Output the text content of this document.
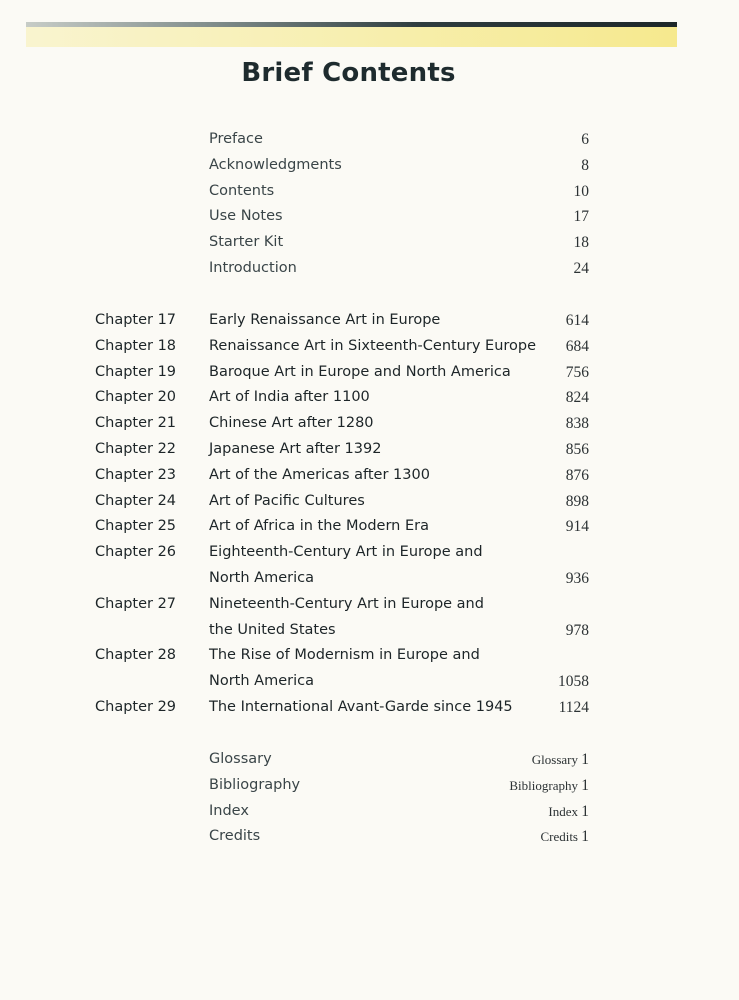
Brief Contents
Preface	6
Acknowledgments	8
Contents	10
Use Notes	17
Starter Kit	18
Introduction	24
Chapter 17 Early Renaissance Art in Europe	614
Chapter 18 Renaissance Art in Sixteenth-Century Europe 684
Chapter 19 Baroque Art in Europe and North America	756
Chapter 20 Art of India after 1100	824
Chapter 21 Chinese Art after 1280	838
Chapter 22 Japanese Art after 1392	856
Chapter 23 Art of the Americas after 1300	876
Chapter 24 Art of Pacific Cultures	898
Chapter 25 Art of Africa in the Modern Era	914
Chapter 26 Eighteenth-Century Art in Europe and
North America	936
Chapter 27 Nineteenth-Century Art in Europe and
the United States	978
Chapter 28 The Rise of Modernism in Europe and
North America	1058
Chapter 29 The International Avant-Garde since 1945	1124
Glossary	Glossary 1
Bibliography	Bibliography 1
Index	Index 1
Credits	Credits 1
